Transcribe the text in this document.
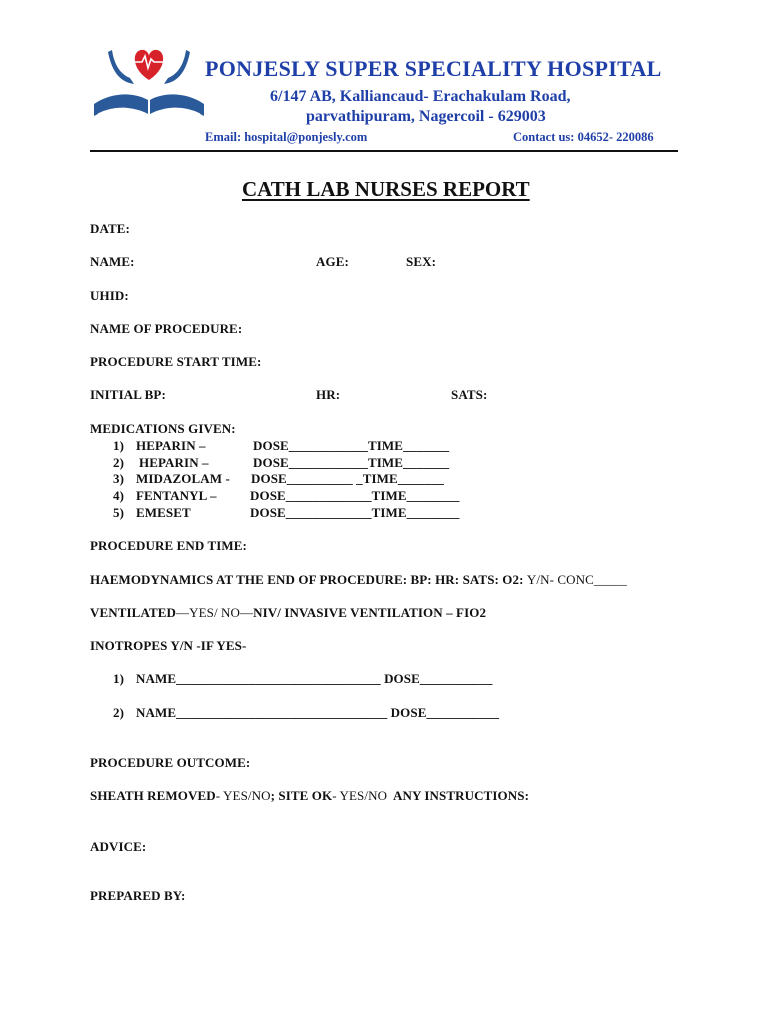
PONJESLY SUPER SPECIALITY HOSPITAL
6/147 AB, Kalliancaud- Erachakulam Road,
parvathipuram, Nagercoil - 629003
Email: hospital@ponjesly.com	Contact us: 04652- 220086
CATH LAB NURSES REPORT
DATE:
NAME:	AGE:	SEX:
UHID:
NAME OF PROCEDURE:
PROCEDURE START TIME:
INITIAL BP:	HR:	SATS:
MEDICATIONS GIVEN:
1) HEPARIN –	DOSE____________TIME_______
2) HEPARIN –	DOSE____________TIME_______
3) MIDAZOLAM - DOSE__________ _TIME_______
4) FENTANYL –	DOSE_____________TIME________
5) EMESET	DOSE_____________TIME________
PROCEDURE END TIME:
HAEMODYNAMICS AT THE END OF PROCEDURE: BP: HR: SATS: O2: Y/N- CONC_____
VENTILATED—YES/ NO—NIV/ INVASIVE VENTILATION – FIO2
INOTROPES Y/N -IF YES-
1) NAME_______________________________ DOSE___________
2) NAME________________________________ DOSE___________
PROCEDURE OUTCOME:
SHEATH REMOVED- YES/NO; SITE OK- YES/NO  ANY INSTRUCTIONS:
ADVICE:
PREPARED BY:
